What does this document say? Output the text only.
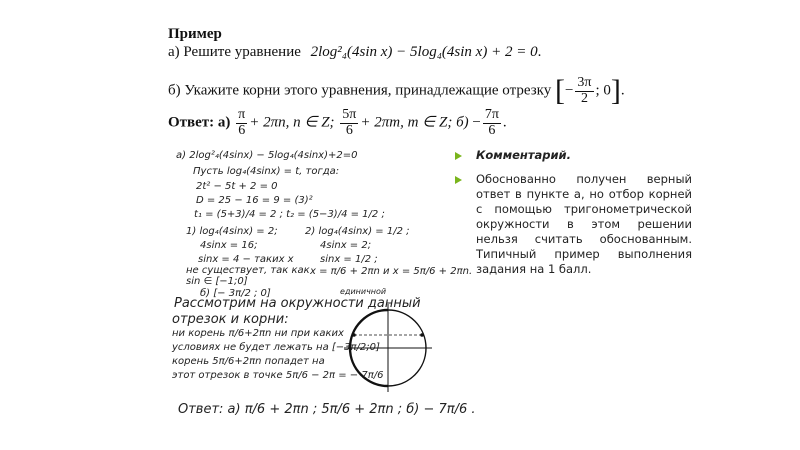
Пример
а) Решите уравнение 2log²₄(4sin x) − 5log₄(4sin x) + 2 = 0.
б) Укажите корни этого уравнения, принадлежащие отрезку [− $\frac{3\pi}{2}$ ; 0].
Ответ: $а) \frac{\pi}{6} + 2\pi n$, n ∈ Z; $\frac{5\pi}{6} + 2\pi m$, m ∈ Z; $б) - \frac{7\pi}{6}$ .
а) 2log²₄(4sinx) − 5log₄(4sinx)+2=0
Пусть log₄(4sinx) = t, тогда:
2t² − 5t + 2 = 0
D = 25 − 16 = 9 = (3)²
t₁ = (5+3)/4 = 2 ; t₂ = (5−3)/4 = 1/2 ;
1) log₄(4sinx) = 2;	2) log₄(4sinx) = 1/2 ;
4sinx = 16;	4sinx = 2;
sinx = 4 − таких x	sinx = 1/2 ;
не существует, так как x = π/6 + 2πn и x = 5π/6 + 2πn.
sin ∈ [−1;0]
б) [− 3π/2 ; 0]	единичной
Рассмотрим на окружности данный
отрезок и корни:
ни корень π/6+2πn ни при каких
условиях не будет лежать на [−3π/2;0]
корень 5π/6+2πn попадет на
этот отрезок в точке 5π/6 − 2π = − 7π/6
Ответ: а) π/6 + 2πn ; 5π/6 + 2πn ; б) − 7π/6 .
Комментарий.
Обоснованно получен верный ответ в пункте а, но отбор корней с помощью тригонометрической окружности в этом решении нельзя считать обоснованным. Типичный пример выполнения задания на 1 балл.
